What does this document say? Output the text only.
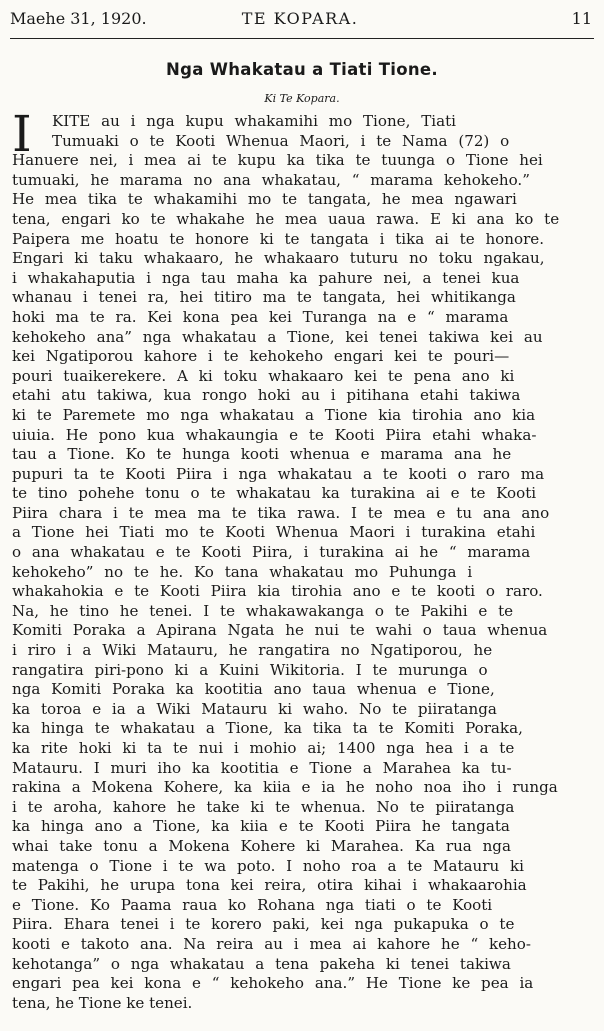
Maehe 31, 1920.	TE KOPARA.	11
Nga Whakatau a Tiati Tione.
Ki Te Kopara.
I	KITE au i nga kupu whakamihi mo Tione, Tiati
Tumuaki o te Kooti Whenua Maori, i te Nama (72) o
Hanuere nei, i mea ai te kupu ka tika te tuunga o Tione hei
tumuaki, he marama no ana whakatau, “ marama kehokeho.”
He mea tika te whakamihi mo te tangata, he mea ngawari
tena, engari ko te whakahe he mea uaua rawa. E ki ana ko te
Paipera me hoatu te honore ki te tangata i tika ai te honore.
Engari ki taku whakaaro, he whakaaro tuturu no toku ngakau,
i whakahaputia i nga tau maha ka pahure nei, a tenei kua
whanau i tenei ra, hei titiro ma te tangata, hei whitikanga
hoki ma te ra. Kei kona pea kei Turanga na e “ marama
kehokeho ana” nga whakatau a Tione, kei tenei takiwa kei au
kei Ngatiporou kahore i te kehokeho engari kei te pouri—
pouri tuaikerekere. A ki toku whakaaro kei te pena ano ki
etahi atu takiwa, kua rongo hoki au i pitihana etahi takiwa
ki te Paremete mo nga whakatau a Tione kia tirohia ano kia
uiuia. He pono kua whakaungia e te Kooti Piira etahi whaka-
tau a Tione. Ko te hunga kooti whenua e marama ana he
pupuri ta te Kooti Piira i nga whakatau a te kooti o raro ma
te tino pohehe tonu o te whakatau ka turakina ai e te Kooti
Piira chara i te mea ma te tika rawa. I te mea e tu ana ano
a Tione hei Tiati mo te Kooti Whenua Maori i turakina etahi
o ana whakatau e te Kooti Piira, i turakina ai he “ marama
kehokeho” no te he. Ko tana whakatau mo Puhunga i
whakahokia e te Kooti Piira kia tirohia ano e te kooti o raro.
Na, he tino he tenei. I te whakawakanga o te Pakihi e te
Komiti Poraka a Apirana Ngata he nui te wahi o taua whenua
i riro i a Wiki Matauru, he rangatira no Ngatiporou, he
rangatira piri-pono ki a Kuini Wikitoria. I te murunga o
nga Komiti Poraka ka kootitia ano taua whenua e Tione,
ka toroa e ia a Wiki Matauru ki waho. No te piiratanga
ka hinga te whakatau a Tione, ka tika ta te Komiti Poraka,
ka rite hoki ki ta te nui i mohio ai; 1400 nga hea i a te
Matauru. I muri iho ka kootitia e Tione a Marahea ka tu-
rakina a Mokena Kohere, ka kiia e ia he noho noa iho i runga
i te aroha, kahore he take ki te whenua. No te piiratanga
ka hinga ano a Tione, ka kiia e te Kooti Piira he tangata
whai take tonu a Mokena Kohere ki Marahea. Ka rua nga
matenga o Tione i te wa poto. I noho roa a te Matauru ki
te Pakihi, he urupa tona kei reira, otira kihai i whakaarohia
e Tione. Ko Paama raua ko Rohana nga tiati o te Kooti
Piira. Ehara tenei i te korero paki, kei nga pukapuka o te
kooti e takoto ana. Na reira au i mea ai kahore he “ keho-
kehotanga” o nga whakatau a tena pakeha ki tenei takiwa
engari pea kei kona e “ kehokeho ana.” He Tione ke pea ia
tena, he Tione ke tenei.
